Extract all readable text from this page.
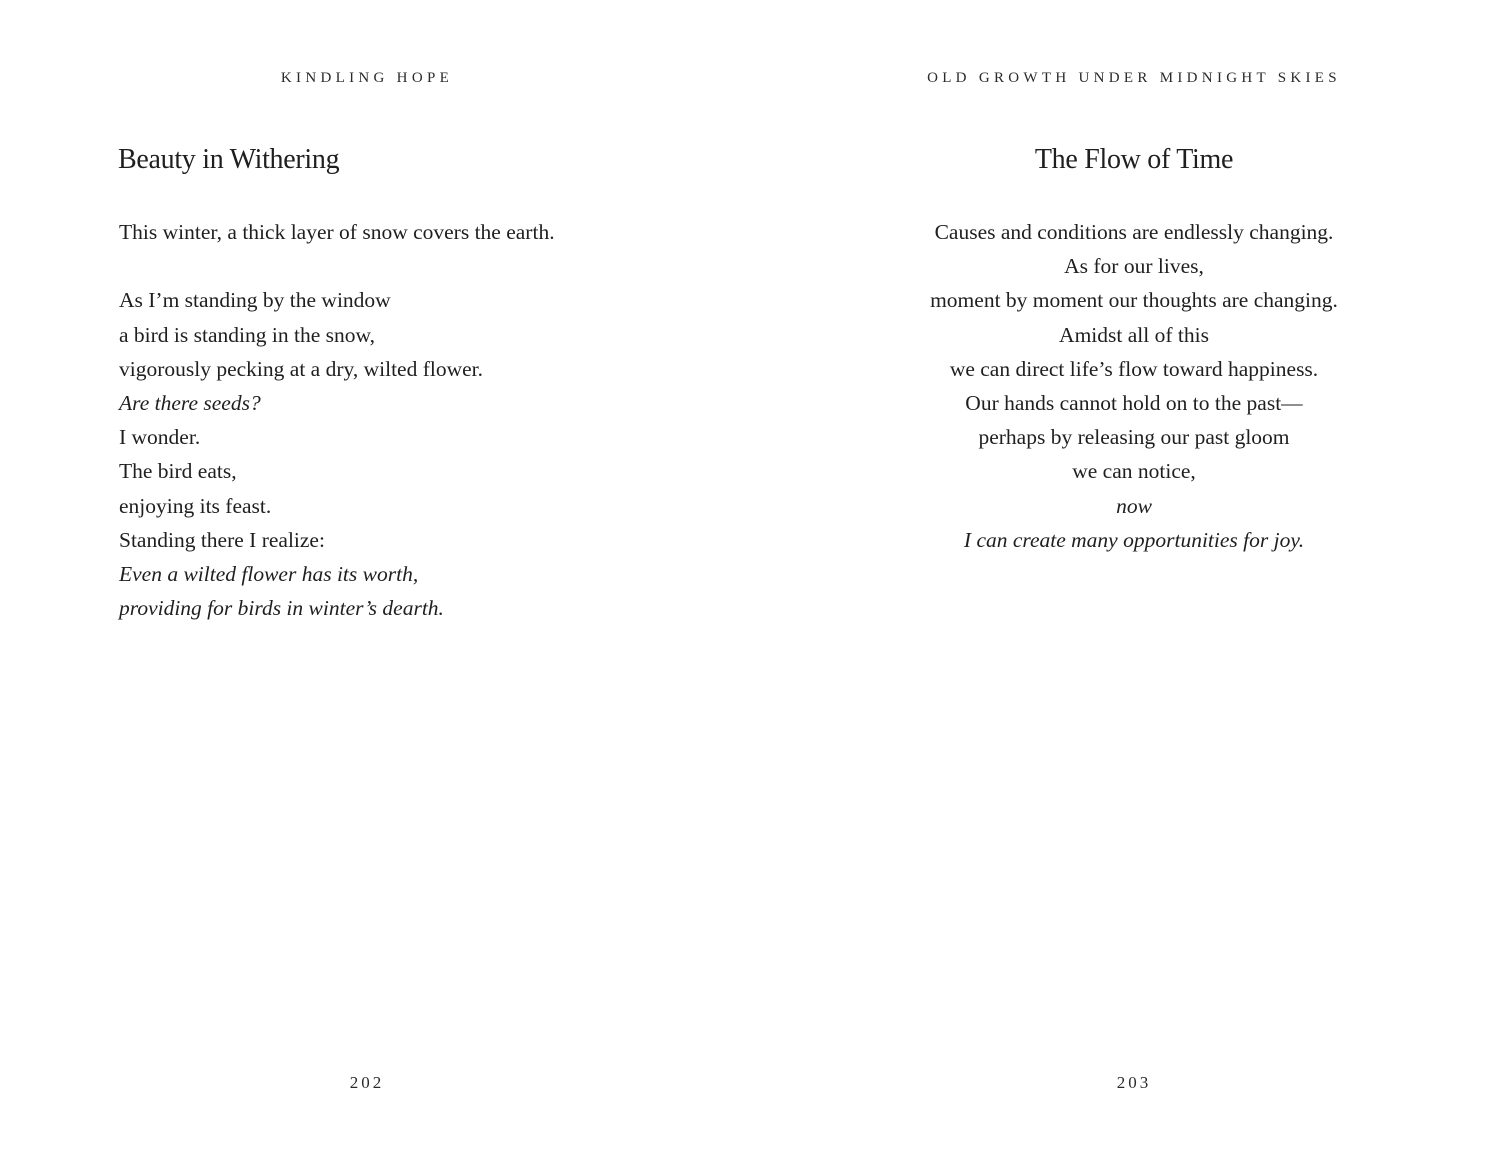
KINDLING HOPE
Beauty in Withering
This winter, a thick layer of snow covers the earth.
As I’m standing by the window
a bird is standing in the snow,
vigorously pecking at a dry, wilted flower.
Are there seeds?
I wonder.
The bird eats,
enjoying its feast.
Standing there I realize:
Even a wilted flower has its worth,
providing for birds in winter’s dearth.
202
OLD GROWTH UNDER MIDNIGHT SKIES
The Flow of Time
Causes and conditions are endlessly changing.
As for our lives,
moment by moment our thoughts are changing.
Amidst all of this
we can direct life’s flow toward happiness.
Our hands cannot hold on to the past—
perhaps by releasing our past gloom
we can notice,
now
I can create many opportunities for joy.
203
